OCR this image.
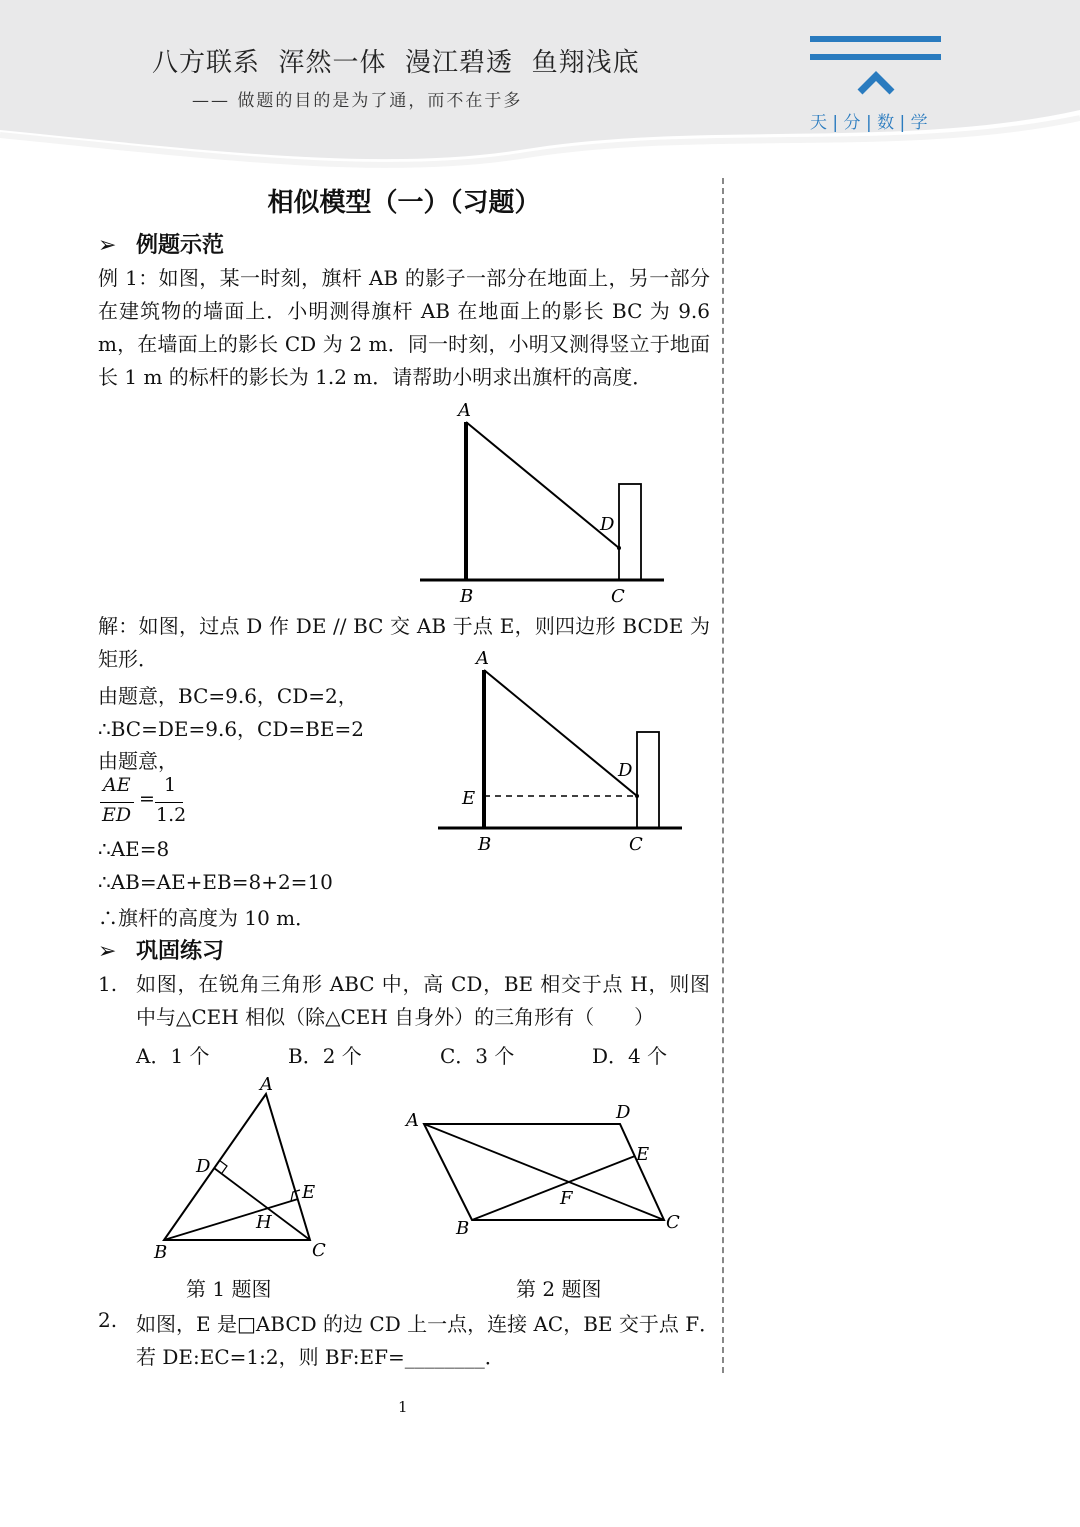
八方联系  浑然一体  漫江碧透  鱼翔浅底
—— 做题的目的是为了通，而不在于多
天 | 分 | 数 | 学
相似模型（一）（习题）
➢ 例题示范
例 1：如图，某一时刻，旗杆 AB 的影子一部分在地面上，另一部分在建筑物的墙面上．小明测得旗杆 AB 在地面上的影长 BC 为 9.6 m，在墙面上的影长 CD 为 2 m．同一时刻，小明又测得竖立于地面长 1 m 的标杆的影长为 1.2 m．请帮助小明求出旗杆的高度．
A
B	C
D
解：如图，过点 D 作 DE // BC 交 AB 于点 E，则四边形 BCDE 为矩形．
由题意，BC=9.6，CD=2，
∴BC=DE=9.6，CD=BE=2
由题意，
AE
ED
=
1
1.2
∴AE=8
∴AB=AE+EB=8+2=10
∴旗杆的高度为 10 m．
A
B	C
D
E
➢ 巩固练习
1. 如图，在锐角三角形 ABC 中，高 CD，BE 相交于点 H，则图中与△CEH 相似（除△CEH 自身外）的三角形有（　　）
A．1 个	B．2 个	C．3 个	D．4 个
A
B	C
D
E
H
第 1 题图
A	D
E
F
B	C
第 2 题图
2. 如图，E 是□ABCD 的边 CD 上一点，连接 AC，BE 交于点 F．
若 DE:EC=1:2，则 BF:EF=________．
1
